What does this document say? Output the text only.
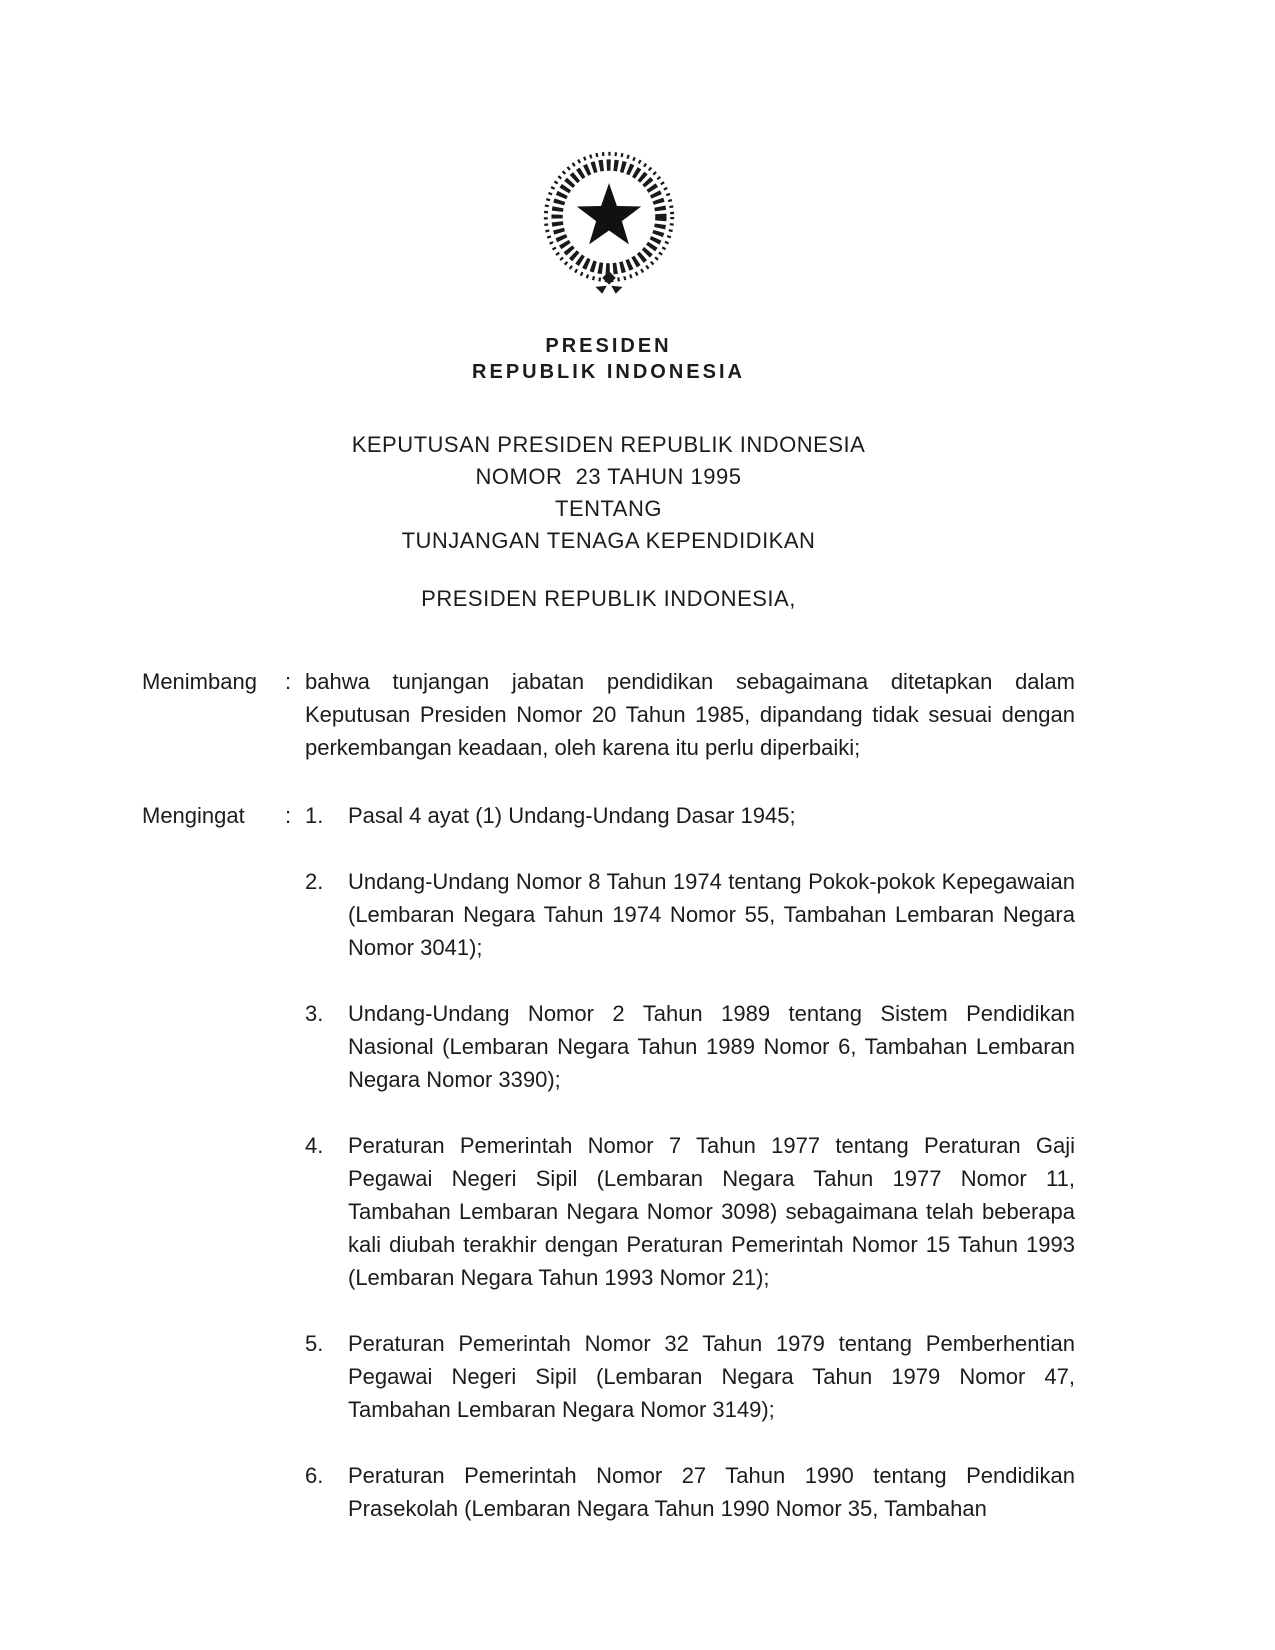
PRESIDEN
REPUBLIK INDONESIA
KEPUTUSAN PRESIDEN REPUBLIK INDONESIA
NOMOR  23 TAHUN 1995
TENTANG
TUNJANGAN TENAGA KEPENDIDIKAN
PRESIDEN REPUBLIK INDONESIA,
Menimbang	: bahwa tunjangan jabatan pendidikan sebagaimana ditetapkan dalam Keputusan Presiden Nomor 20 Tahun 1985, dipandang tidak sesuai dengan perkembangan keadaan, oleh karena itu perlu diperbaiki;
Mengingat	: 1.	Pasal 4 ayat (1) Undang-Undang Dasar 1945;
2.	Undang-Undang Nomor 8 Tahun 1974 tentang Pokok-pokok Kepegawaian (Lembaran Negara Tahun 1974 Nomor 55, Tambahan Lembaran Negara Nomor 3041);
3.	Undang-Undang Nomor 2 Tahun 1989 tentang Sistem Pendidikan Nasional (Lembaran Negara Tahun 1989 Nomor 6, Tambahan Lembaran Negara Nomor 3390);
4.	Peraturan Pemerintah Nomor 7 Tahun 1977 tentang Peraturan Gaji Pegawai Negeri Sipil (Lembaran Negara Tahun 1977 Nomor 11, Tambahan Lembaran Negara Nomor 3098) sebagaimana telah beberapa kali diubah terakhir dengan Peraturan Pemerintah Nomor 15 Tahun 1993 (Lembaran Negara Tahun 1993 Nomor 21);
5.	Peraturan Pemerintah Nomor 32 Tahun 1979 tentang Pemberhentian Pegawai Negeri Sipil (Lembaran Negara Tahun 1979 Nomor 47, Tambahan Lembaran Negara Nomor 3149);
6.	Peraturan Pemerintah Nomor 27 Tahun 1990 tentang Pendidikan Prasekolah (Lembaran Negara Tahun 1990 Nomor 35, Tambahan
